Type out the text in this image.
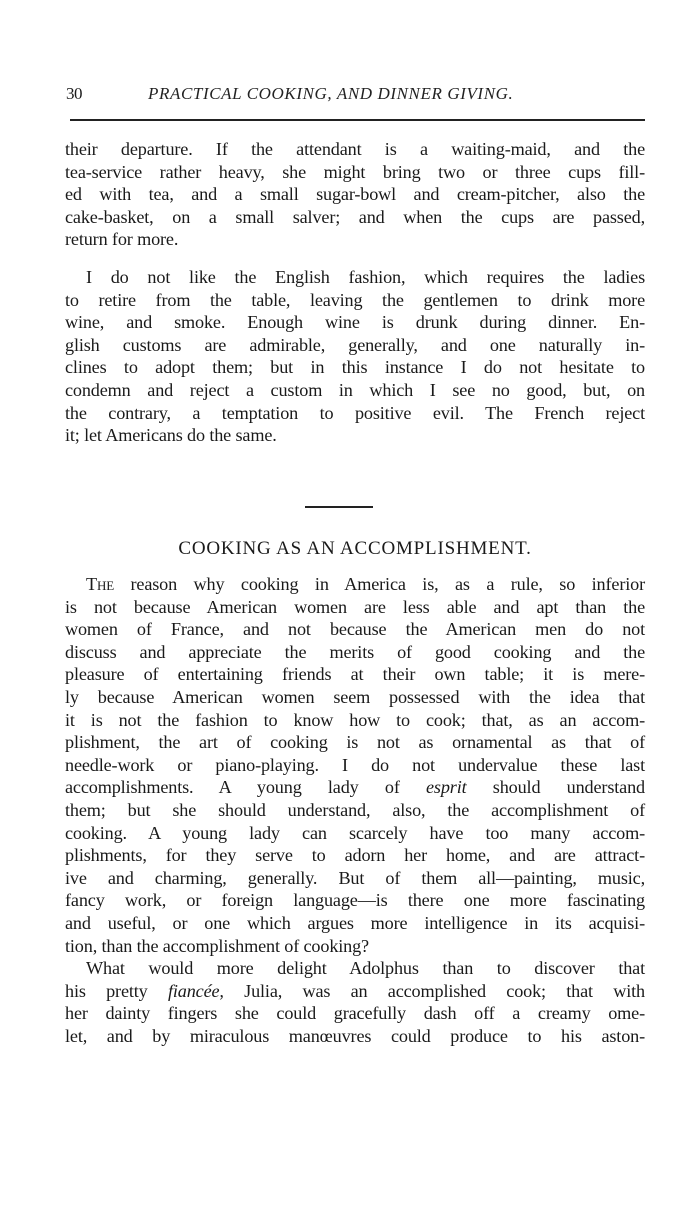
30	PRACTICAL COOKING, AND DINNER GIVING.
their departure. If the attendant is a waiting-maid, and the
tea-service rather heavy, she might bring two or three cups fill-
ed with tea, and a small sugar-bowl and cream-pitcher, also the
cake-basket, on a small salver; and when the cups are passed,
return for more.
I do not like the English fashion, which requires the ladies
to retire from the table, leaving the gentlemen to drink more
wine, and smoke. Enough wine is drunk during dinner. En-
glish customs are admirable, generally, and one naturally in-
clines to adopt them; but in this instance I do not hesitate to
condemn and reject a custom in which I see no good, but, on
the contrary, a temptation to positive evil. The French reject
it; let Americans do the same.
COOKING AS AN ACCOMPLISHMENT.
The reason why cooking in America is, as a rule, so inferior
is not because American women are less able and apt than the
women of France, and not because the American men do not
discuss and appreciate the merits of good cooking and the
pleasure of entertaining friends at their own table; it is mere-
ly because American women seem possessed with the idea that
it is not the fashion to know how to cook; that, as an accom-
plishment, the art of cooking is not as ornamental as that of
needle-work or piano-playing. I do not undervalue these last
accomplishments. A young lady of esprit should understand
them; but she should understand, also, the accomplishment of
cooking. A young lady can scarcely have too many accom-
plishments, for they serve to adorn her home, and are attract-
ive and charming, generally. But of them all—painting, music,
fancy work, or foreign language—is there one more fascinating
and useful, or one which argues more intelligence in its acquisi-
tion, than the accomplishment of cooking?
What would more delight Adolphus than to discover that
his pretty fiancée, Julia, was an accomplished cook; that with
her dainty fingers she could gracefully dash off a creamy ome-
let, and by miraculous manœuvres could produce to his aston-
